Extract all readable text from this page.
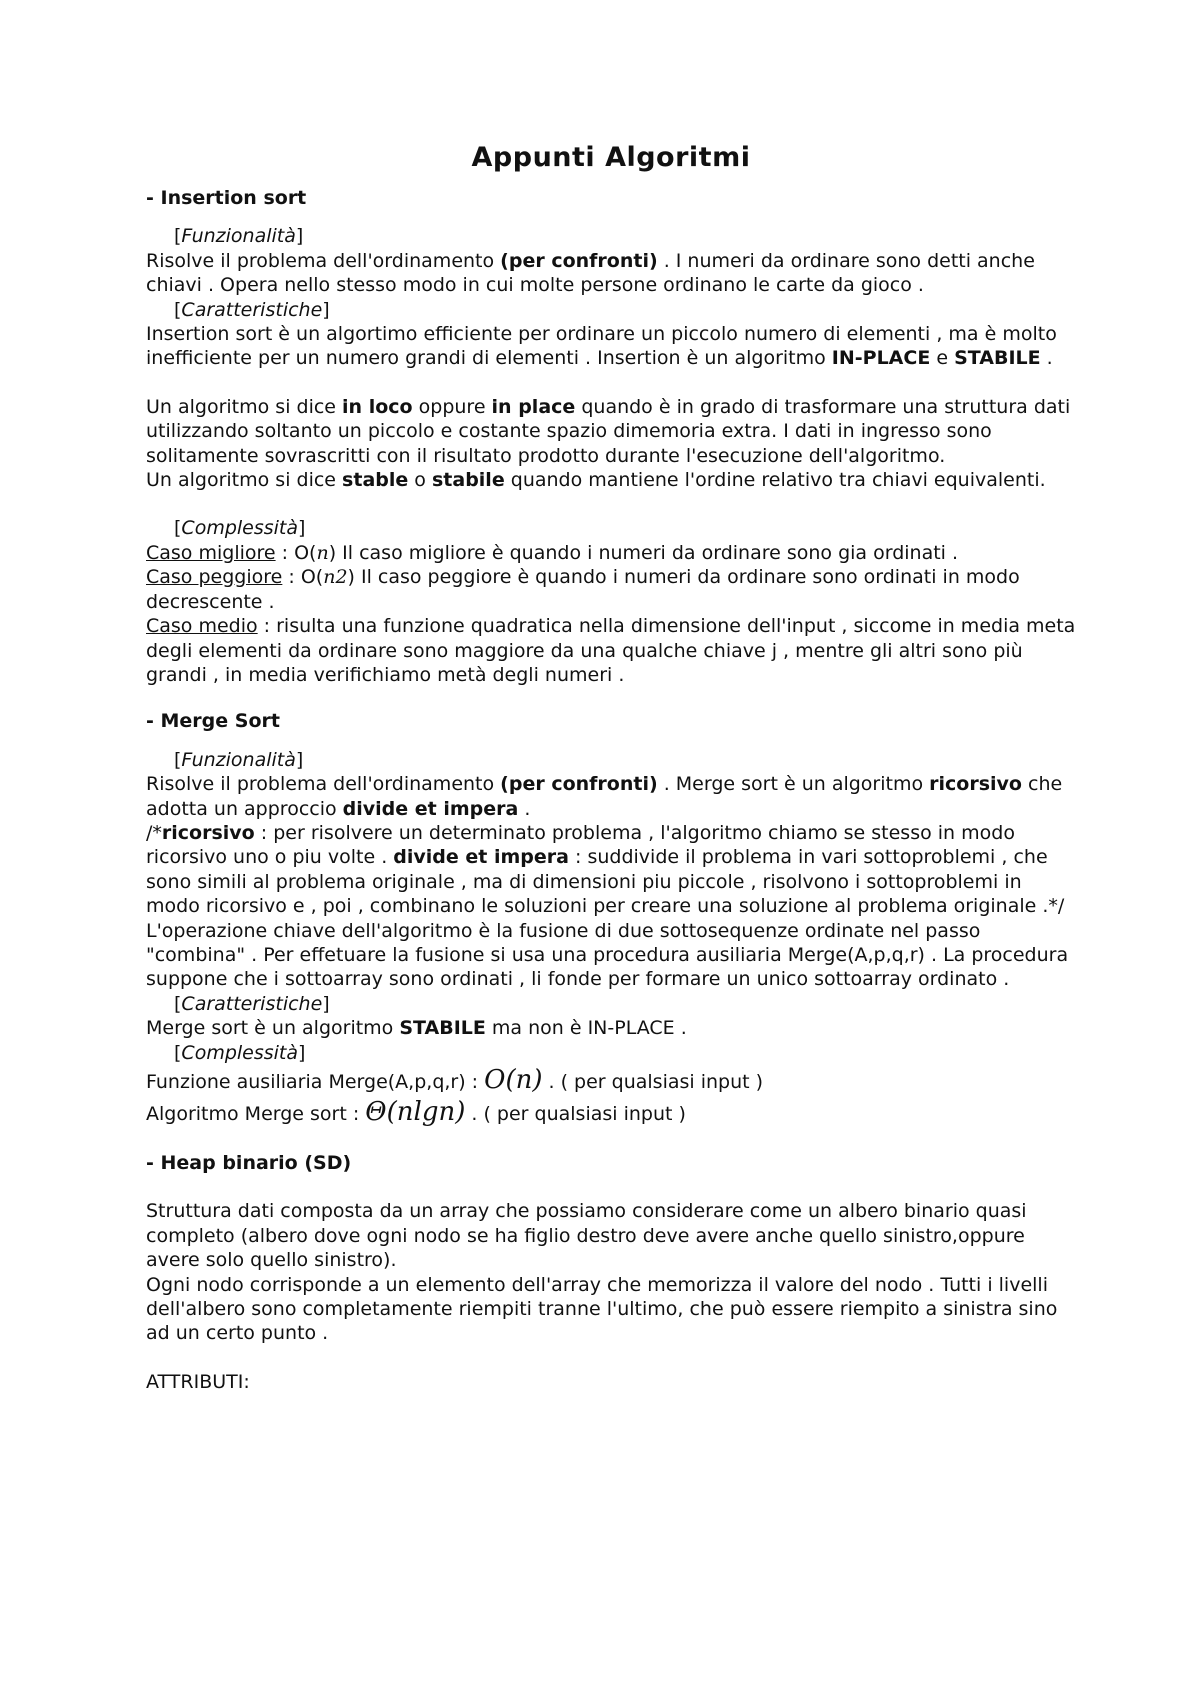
Appunti Algoritmi
- Insertion sort
[Funzionalità]

Risolve il problema dell'ordinamento (per confronti) . I numeri da ordinare sono detti anche chiavi . Opera nello stesso modo in cui molte persone ordinano le carte da gioco .

[Caratteristiche]

Insertion sort è un algortimo efficiente per ordinare un piccolo numero di elementi , ma è molto inefficiente per un numero grandi di elementi . Insertion è un algoritmo IN-PLACE e STABILE .

Un algoritmo si dice in loco oppure in place quando è in grado di trasformare una struttura dati utilizzando soltanto un piccolo e costante spazio dimemoria extra. I dati in ingresso sono solitamente sovrascritti con il risultato prodotto durante l'esecuzione dell'algoritmo.

Un algoritmo si dice stable o stabile quando mantiene l'ordine relativo tra chiavi equivalenti.

[Complessità]

Caso migliore : O(n) Il caso migliore è quando i numeri da ordinare sono gia ordinati .

Caso peggiore : O(n2) Il caso peggiore è quando i numeri da ordinare sono ordinati in modo decrescente .

Caso medio : risulta una funzione quadratica nella dimensione dell'input , siccome in media meta degli elementi da ordinare sono maggiore da una qualche chiave j , mentre gli altri sono più grandi , in media verifichiamo metà degli numeri .

- Merge Sort
[Funzionalità]

Risolve il problema dell'ordinamento (per confronti) . Merge sort è un algoritmo ricorsivo che adotta un approccio divide et impera .

/*ricorsivo : per risolvere un determinato problema , l'algoritmo chiamo se stesso in modo ricorsivo uno o piu volte . divide et impera : suddivide il problema in vari sottoproblemi , che sono simili al problema originale , ma di dimensioni piu piccole , risolvono i sottoproblemi in modo ricorsivo e , poi , combinano le soluzioni per creare una soluzione al problema originale .*/

L'operazione chiave dell'algoritmo è la fusione di due sottosequenze ordinate nel passo "combina" . Per effetuare la fusione si usa una procedura ausiliaria Merge(A,p,q,r) . La procedura suppone che i sottoarray sono ordinati , li fonde per formare un unico sottoarray ordinato .

[Caratteristiche]

Merge sort è un algoritmo STABILE ma non è IN-PLACE .

[Complessità]

Funzione ausiliaria Merge(A,p,q,r) : O(n) . ( per qualsiasi input )

Algoritmo Merge sort : Θ(nlgn) . ( per qualsiasi input )

- Heap binario (SD)

Struttura dati composta da un array che possiamo considerare come un albero binario quasi completo (albero dove ogni nodo se ha figlio destro deve avere anche quello sinistro,oppure avere solo quello sinistro).

Ogni nodo corrisponde a un elemento dell'array che memorizza il valore del nodo . Tutti i livelli dell'albero sono completamente riempiti tranne l'ultimo, che può essere riempito a sinistra sino ad un certo punto .

ATTRIBUTI:
